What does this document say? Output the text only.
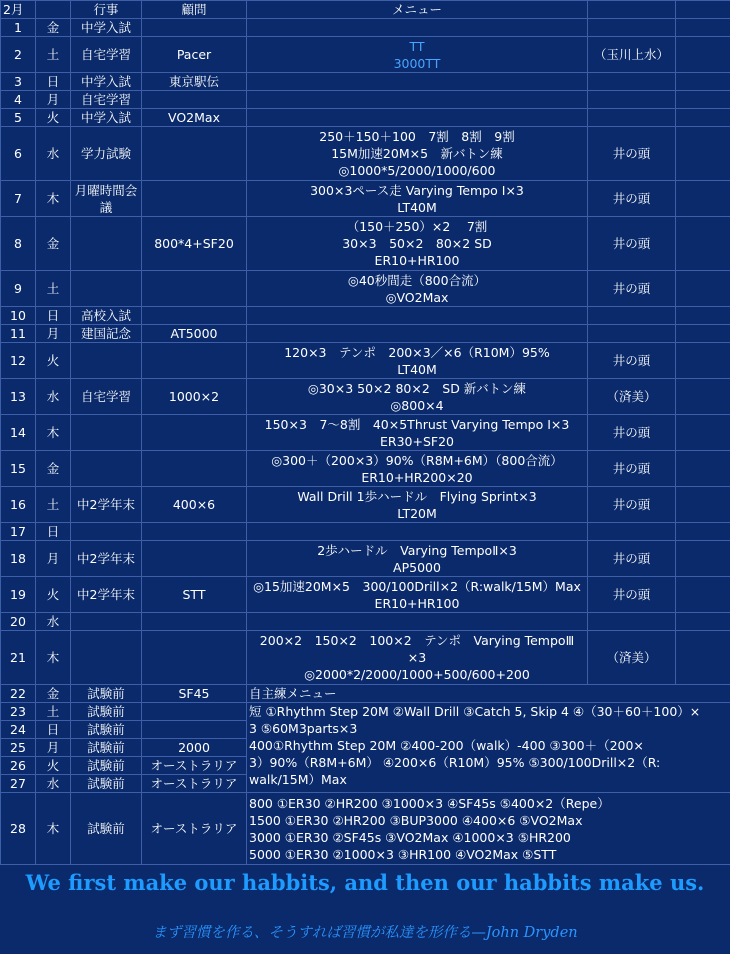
2月		行事	顧問	メニュー		
1	金	中学入試				
2	土	自宅学習	Pacer	TT
3000TT	（玉川上水）	
3	日	中学入試	東京駅伝			
4	月	自宅学習				
5	火	中学入試	VO2Max			
6	水	学力試験		250＋150＋100　7割　8割　9割
15M加速20M×5　新バトン練
◎1000*5/2000/1000/600	井の頭	
7	木	月曜時間会議		300×3ペース走 Varying Tempo Ⅰ×3
LT40M	井の頭	
8	金		800*4+SF20	（150＋250）×2　 7割
30×3　50×2　80×2 SD
ER10+HR100	井の頭	
9	土			◎40秒間走（800合流）
◎VO2Max	井の頭	
10	日	高校入試				
11	月	建国記念	AT5000			
12	火			120×3　テンポ　200×3／×6（R10M）95%
LT40M	井の頭	
13	水	自宅学習	1000×2	◎30×3 50×2 80×2　SD 新バトン練
◎800×4	（済美）	
14	木			150×3　7〜8割　40×5Thrust Varying Tempo Ⅰ×3
ER30+SF20	井の頭	
15	金			◎300＋（200×3）90%（R8M+6M）（800合流）
ER10+HR200×20	井の頭	
16	土	中2学年末	400×6	Wall Drill 1歩ハードル　Flying Sprint×3
LT20M	井の頭	
17	日					
18	月	中2学年末		2歩ハードル　Varying TempoⅡ×3
AP5000	井の頭	
19	火	中2学年末	STT	◎15加速20M×5　300/100Drill×2（R:walk/15M）Max
ER10+HR100	井の頭	
20	水					
21	木			200×2　150×2　100×2　テンポ　Varying TempoⅢ
×3
◎2000*2/2000/1000+500/600+200	（済美）	
22	金	試験前	SF45	自主練メニュー		
23	土	試験前		短 ①Rhythm Step 20M ②Wall Drill ③Catch 5, Skip 4 ④（30＋60＋100）×
3 ⑤60M3parts×3
400①Rhythm Step 20M ②400-200（walk）-400 ③300＋（200×
3）90%（R8M+6M） ④200×6（R10M）95% ⑤300/100Drill×2（R:
walk/15M）Max		

24	日	試験前				
25	月	試験前	2000			
26	火	試験前	オーストラリア			
27	水	試験前	オーストラリア			
28	木	試験前	オーストラリア	800 ①ER30 ②HR200 ③1000×3 ④SF45s ⑤400×2（Repe）
1500 ①ER30 ②HR200 ③BUP3000 ④400×6 ⑤VO2Max
3000 ①ER30 ②SF45s ③VO2Max ④1000×3 ⑤HR200
5000 ①ER30 ②1000×3 ③HR100 ④VO2Max ⑤STT		
We first make our habbits, and then our habbits make us.
まず習慣を作る、そうすれば習慣が私達を形作る—John Dryden
